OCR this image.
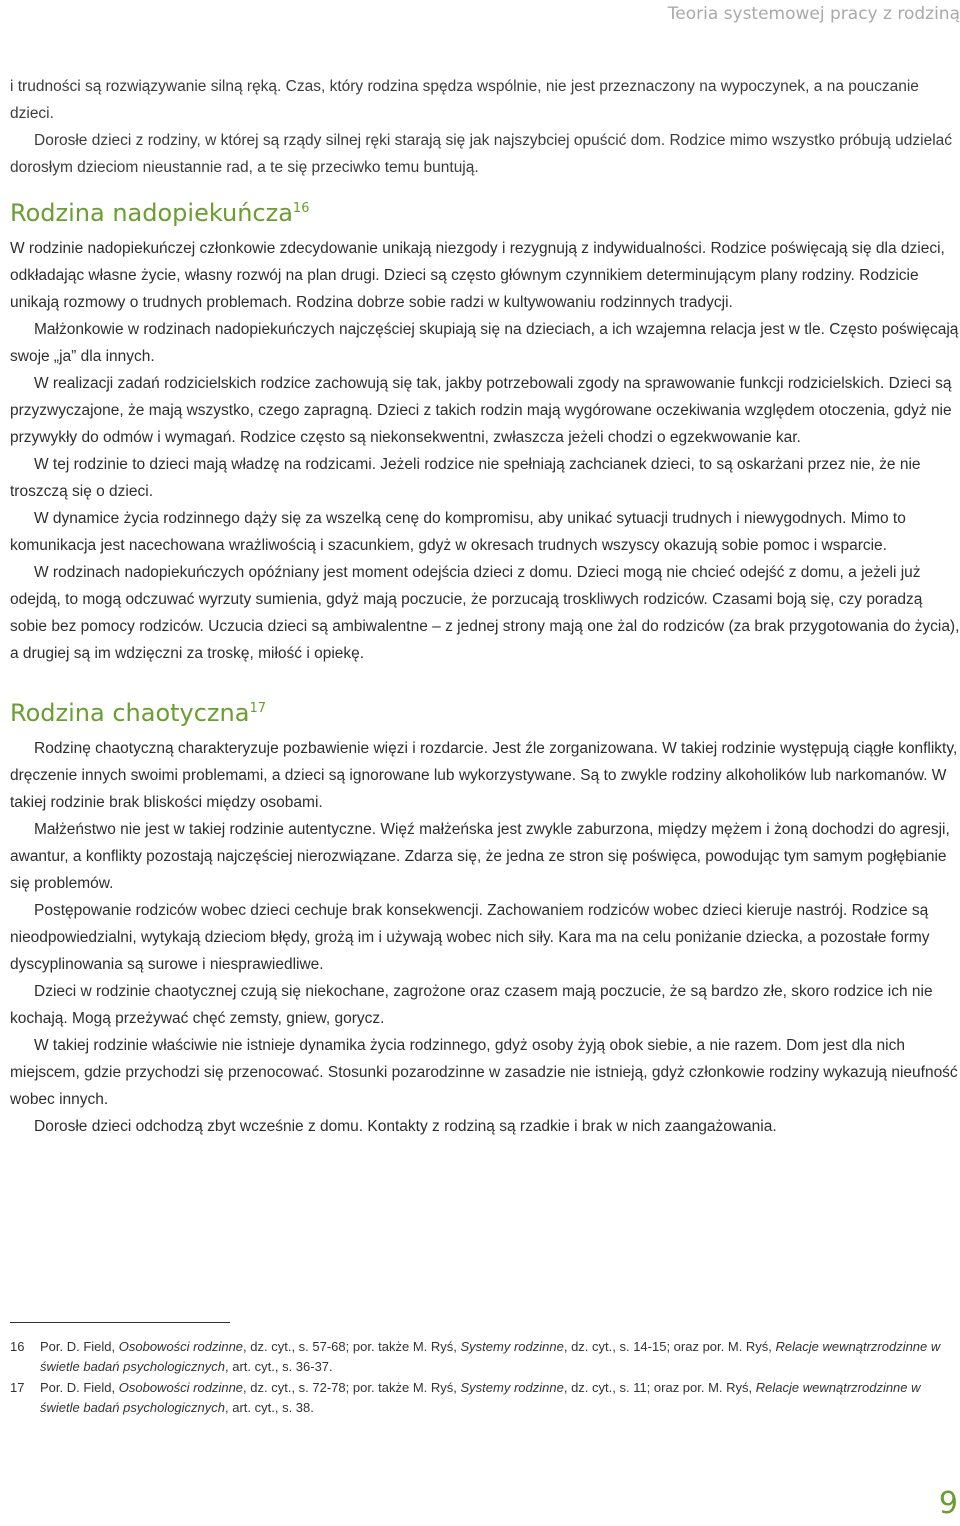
Teoria systemowej pracy z rodziną

i trudności są rozwiązywanie silną ręką. Czas, który rodzina spędza wspólnie, nie jest przeznaczony na wypoczynek, a na pouczanie dzieci.

Dorosłe dzieci z rodziny, w której są rządy silnej ręki starają się jak najszybciej opuścić dom. Rodzice mimo wszystko próbują udzielać dorosłym dzieciom nieustannie rad, a te się przeciwko temu buntują.

Rodzina nadopiekuńcza$^{16}$

W rodzinie nadopiekuńczej członkowie zdecydowanie unikają niezgody i rezygnują z indywidualności. Rodzice poświęcają się dla dzieci, odkładając własne życie, własny rozwój na plan drugi. Dzieci są często głównym czynnikiem determinującym plany rodziny. Rodzicie unikają rozmowy o trudnych problemach. Rodzina dobrze sobie radzi w kultywowaniu rodzinnych tradycji.

Małżonkowie w rodzinach nadopiekuńczych najczęściej skupiają się na dzieciach, a ich wzajemna relacja jest w tle. Często poświęcają swoje „ja” dla innych.

W realizacji zadań rodzicielskich rodzice zachowują się tak, jakby potrzebowali zgody na sprawowanie funkcji rodzicielskich. Dzieci są przyzwyczajone, że mają wszystko, czego zapragną. Dzieci z takich rodzin mają wygórowane oczekiwania względem otoczenia, gdyż nie przywykły do odmów i wymagań. Rodzice często są niekonsekwentni, zwłaszcza jeżeli chodzi o egzekwowanie kar.

W tej rodzinie to dzieci mają władzę na rodzicami. Jeżeli rodzice nie spełniają zachcianek dzieci, to są oskarżani przez nie, że nie troszczą się o dzieci.

W dynamice życia rodzinnego dąży się za wszelką cenę do kompromisu, aby unikać sytuacji trudnych i niewygodnych. Mimo to komunikacja jest nacechowana wrażliwością i szacunkiem, gdyż w okresach trudnych wszyscy okazują sobie pomoc i wsparcie.

W rodzinach nadopiekuńczych opóźniany jest moment odejścia dzieci z domu. Dzieci mogą nie chcieć odejść z domu, a jeżeli już odejdą, to mogą odczuwać wyrzuty sumienia, gdyż mają poczucie, że porzucają troskliwych rodziców. Czasami boją się, czy poradzą sobie bez pomocy rodziców. Uczucia dzieci są ambiwalentne – z jednej strony mają one żal do rodziców (za brak przygotowania do życia), a drugiej są im wdzięczni za troskę, miłość i opiekę.

Rodzina chaotyczna$^{17}$

Rodzinę chaotyczną charakteryzuje pozbawienie więzi i rozdarcie. Jest źle zorganizowana. W takiej rodzinie występują ciągłe konflikty, dręczenie innych swoimi problemami, a dzieci są ignorowane lub wykorzystywane. Są to zwykle rodziny alkoholików lub narkomanów. W takiej rodzinie brak bliskości między osobami.

Małżeństwo nie jest w takiej rodzinie autentyczne. Więź małżeńska jest zwykle zaburzona, między mężem i żoną dochodzi do agresji, awantur, a konflikty pozostają najczęściej nierozwiązane. Zdarza się, że jedna ze stron się poświęca, powodując tym samym pogłębianie się problemów.

Postępowanie rodziców wobec dzieci cechuje brak konsekwencji. Zachowaniem rodziców wobec dzieci kieruje nastrój. Rodzice są nieodpowiedzialni, wytykają dzieciom błędy, grożą im i używają wobec nich siły. Kara ma na celu poniżanie dziecka, a pozostałe formy dyscyplinowania są surowe i niesprawiedliwe.

Dzieci w rodzinie chaotycznej czują się niekochane, zagrożone oraz czasem mają poczucie, że są bardzo złe, skoro rodzice ich nie kochają. Mogą przeżywać chęć zemsty, gniew, gorycz.

W takiej rodzinie właściwie nie istnieje dynamika życia rodzinnego, gdyż osoby żyją obok siebie, a nie razem. Dom jest dla nich miejscem, gdzie przychodzi się przenocować. Stosunki pozarodzinne w zasadzie nie istnieją, gdyż członkowie rodziny wykazują nieufność wobec innych.

Dorosłe dzieci odchodzą zbyt wcześnie z domu. Kontakty z rodziną są rzadkie i brak w nich zaangażowania.

16	Por. D. Field, Osobowości rodzinne, dz. cyt., s. 57-68; por. także M. Ryś, Systemy rodzinne, dz. cyt., s. 14-15; oraz por. M. Ryś, Relacje wewnątrzrodzinne w świetle badań psychologicznych, art. cyt., s. 36-37.
17	Por. D. Field, Osobowości rodzinne, dz. cyt., s. 72-78; por. także M. Ryś, Systemy rodzinne, dz. cyt., s. 11; oraz por. M. Ryś, Relacje wewnątrzrodzinne w świetle badań psychologicznych, art. cyt., s. 38.
9
